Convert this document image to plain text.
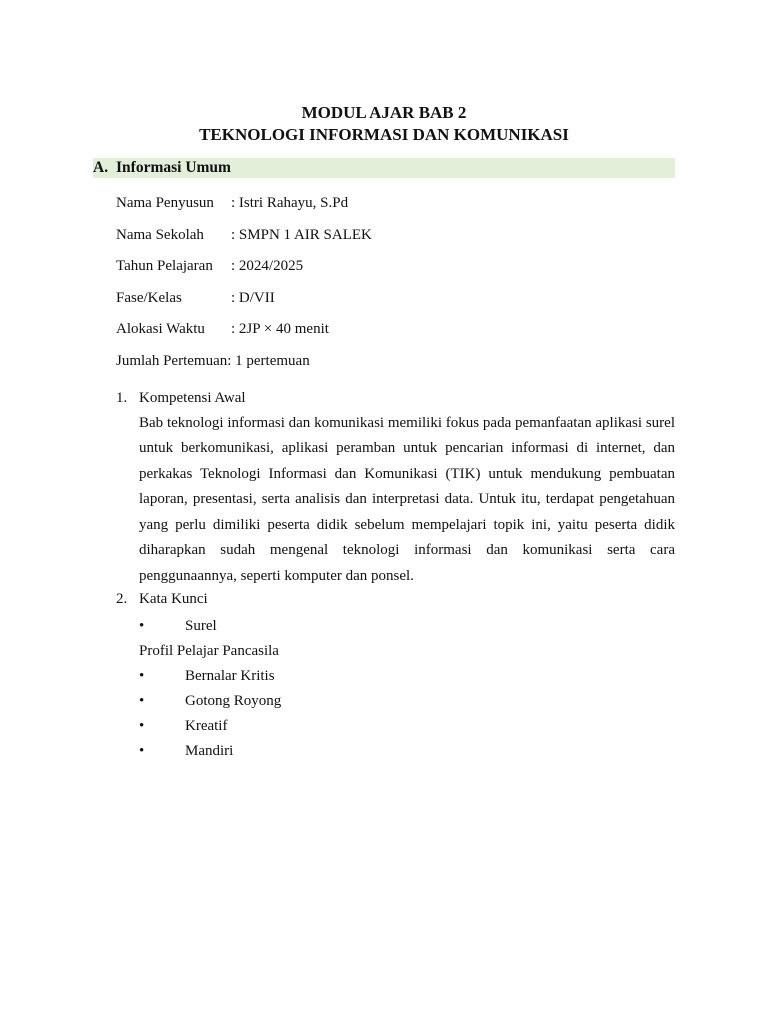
MODUL AJAR BAB 2
TEKNOLOGI INFORMASI DAN KOMUNIKASI
A. Informasi Umum
Nama Penyusun : Istri Rahayu, S.Pd
Nama Sekolah : SMPN 1 AIR SALEK
Tahun Pelajaran : 2024/2025
Fase/Kelas	: D/VII
Alokasi Waktu : 2JP × 40 menit
Jumlah Pertemuan: 1 pertemuan
1. Kompetensi Awal
Bab teknologi informasi dan komunikasi memiliki fokus pada pemanfaatan aplikasi surel untuk berkomunikasi, aplikasi peramban untuk pencarian informasi di internet, dan perkakas Teknologi Informasi dan Komunikasi (TIK) untuk mendukung pembuatan laporan, presentasi, serta analisis dan interpretasi data. Untuk itu, terdapat pengetahuan yang perlu dimiliki peserta didik sebelum mempelajari topik ini, yaitu peserta didik diharapkan sudah mengenal teknologi informasi dan komunikasi serta cara penggunaannya, seperti komputer dan ponsel.
2. Kata Kunci
•	Surel
Profil Pelajar Pancasila
•	Bernalar Kritis
•	Gotong Royong
•	Kreatif
•	Mandiri
